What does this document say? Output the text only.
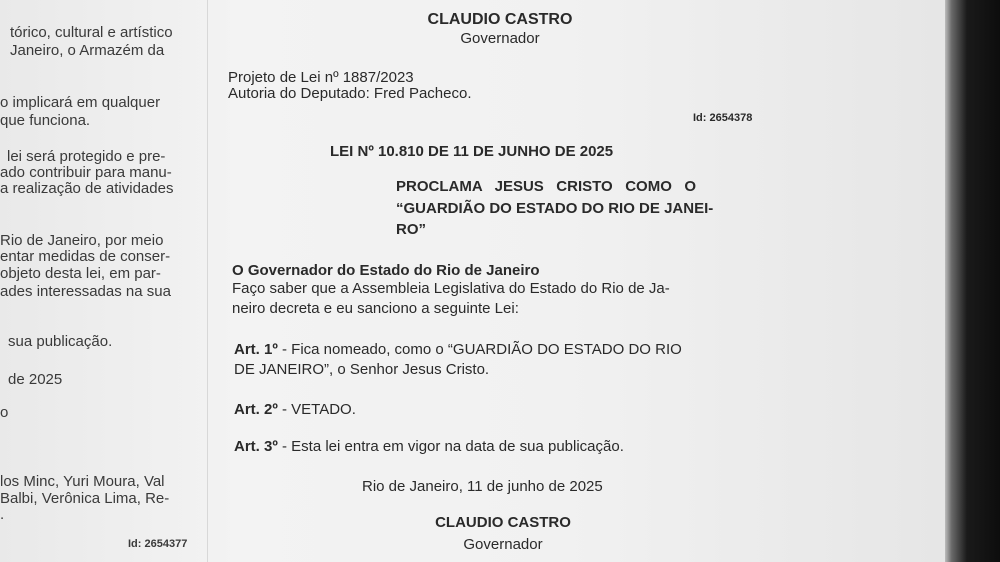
tórico, cultural e artístico
Janeiro, o Armazém da
o implicará em qualquer
que funciona.
lei será protegido e pre-
ado contribuir para manu-
a realização de atividades
Rio de Janeiro, por meio
entar medidas de conser-
objeto desta lei, em par-
ades interessadas na sua
sua publicação.
de 2025
o
los Minc, Yuri Moura, Val
Balbi, Verônica Lima, Re-
.
Id: 2654377
CLAUDIO CASTRO
Governador
Projeto de Lei nº 1887/2023
Autoria do Deputado: Fred Pacheco.
Id: 2654378
LEI Nº 10.810 DE 11 DE JUNHO DE 2025
PROCLAMA   JESUS   CRISTO   COMO   O
“GUARDIÃO DO ESTADO DO RIO DE JANEI-
RO”
O Governador do Estado do Rio de Janeiro
Faço saber que a Assembleia Legislativa do Estado do Rio de Ja-
neiro decreta e eu sanciono a seguinte Lei:
Art. 1º - Fica nomeado, como o “GUARDIÃO DO ESTADO DO RIO
DE JANEIRO”, o Senhor Jesus Cristo.
Art. 2º - VETADO.
Art. 3º - Esta lei entra em vigor na data de sua publicação.
Rio de Janeiro, 11 de junho de 2025
CLAUDIO CASTRO
Governador
